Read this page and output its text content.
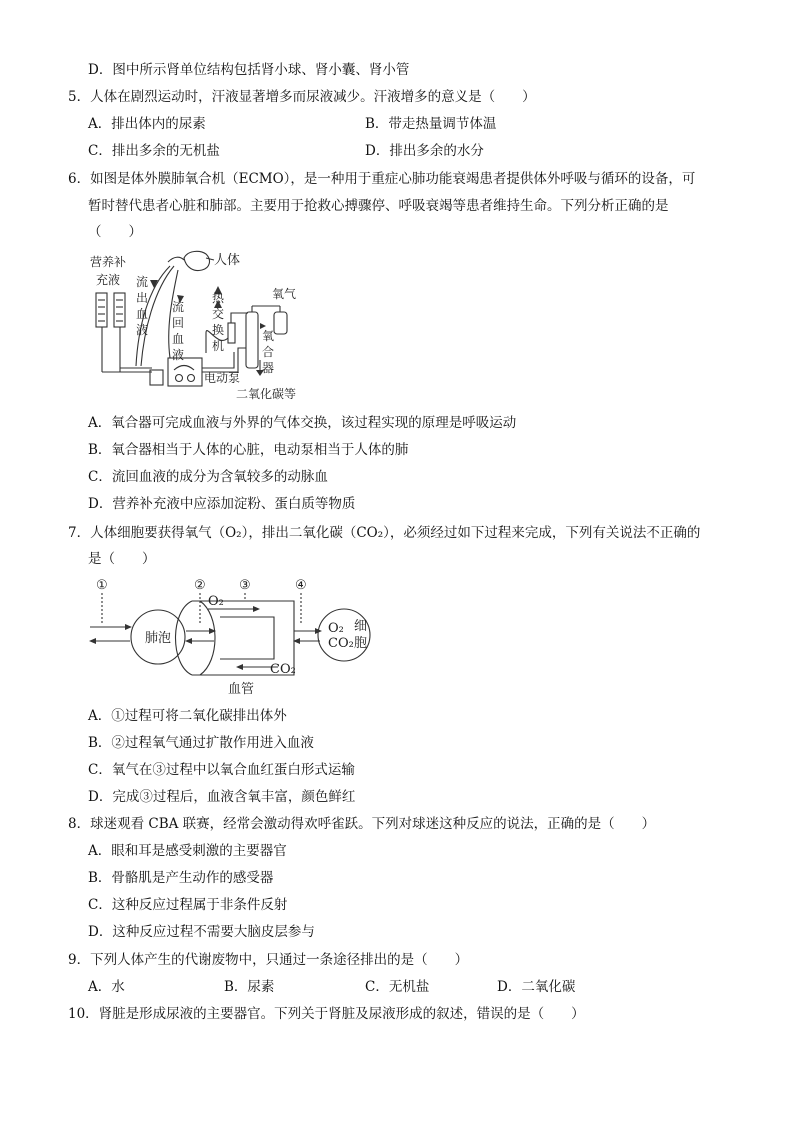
D．图中所示肾单位结构包括肾小球、肾小囊、肾小管
5．人体在剧烈运动时，汗液显著增多而尿液减少。汗液增多的意义是（　　）
A．排出体内的尿素	B．带走热量调节体温
C．排出多余的无机盐	D．排出多余的水分
6．如图是体外膜肺氧合机（ECMO），是一种用于重症心肺功能衰竭患者提供体外呼吸与循环的设备，可
暂时替代患者心脏和肺部。主要用于抢救心搏骤停、呼吸衰竭等患者维持生命。下列分析正确的是
（　　）
营养补
充液 流
出
血
液
流
回
血
液
人体
热
交
换
机
氧气
氧
合
器
电动泵
二氧化碳等
A．氧合器可完成血液与外界的气体交换，该过程实现的原理是呼吸运动
B．氧合器相当于人体的心脏，电动泵相当于人体的肺
C．流回血液的成分为含氧较多的动脉血
D．营养补充液中应添加淀粉、蛋白质等物质
7．人体细胞要获得氧气（O₂），排出二氧化碳（CO₂），必须经过如下过程来完成，下列有关说法不正确的
是（　　）
①	②	③	④
肺泡
O₂
CO₂
O₂
CO₂
细
胞
血管
A．①过程可将二氧化碳排出体外
B．②过程氧气通过扩散作用进入血液
C．氧气在③过程中以氧合血红蛋白形式运输
D．完成③过程后，血液含氧丰富，颜色鲜红
8．球迷观看 CBA 联赛，经常会激动得欢呼雀跃。下列对球迷这种反应的说法，正确的是（　　）
A．眼和耳是感受刺激的主要器官
B．骨骼肌是产生动作的感受器
C．这种反应过程属于非条件反射
D．这种反应过程不需要大脑皮层参与
9．下列人体产生的代谢废物中，只通过一条途径排出的是（　　）
A．水	B．尿素	C．无机盐	D．二氧化碳
10．肾脏是形成尿液的主要器官。下列关于肾脏及尿液形成的叙述，错误的是（　　）
